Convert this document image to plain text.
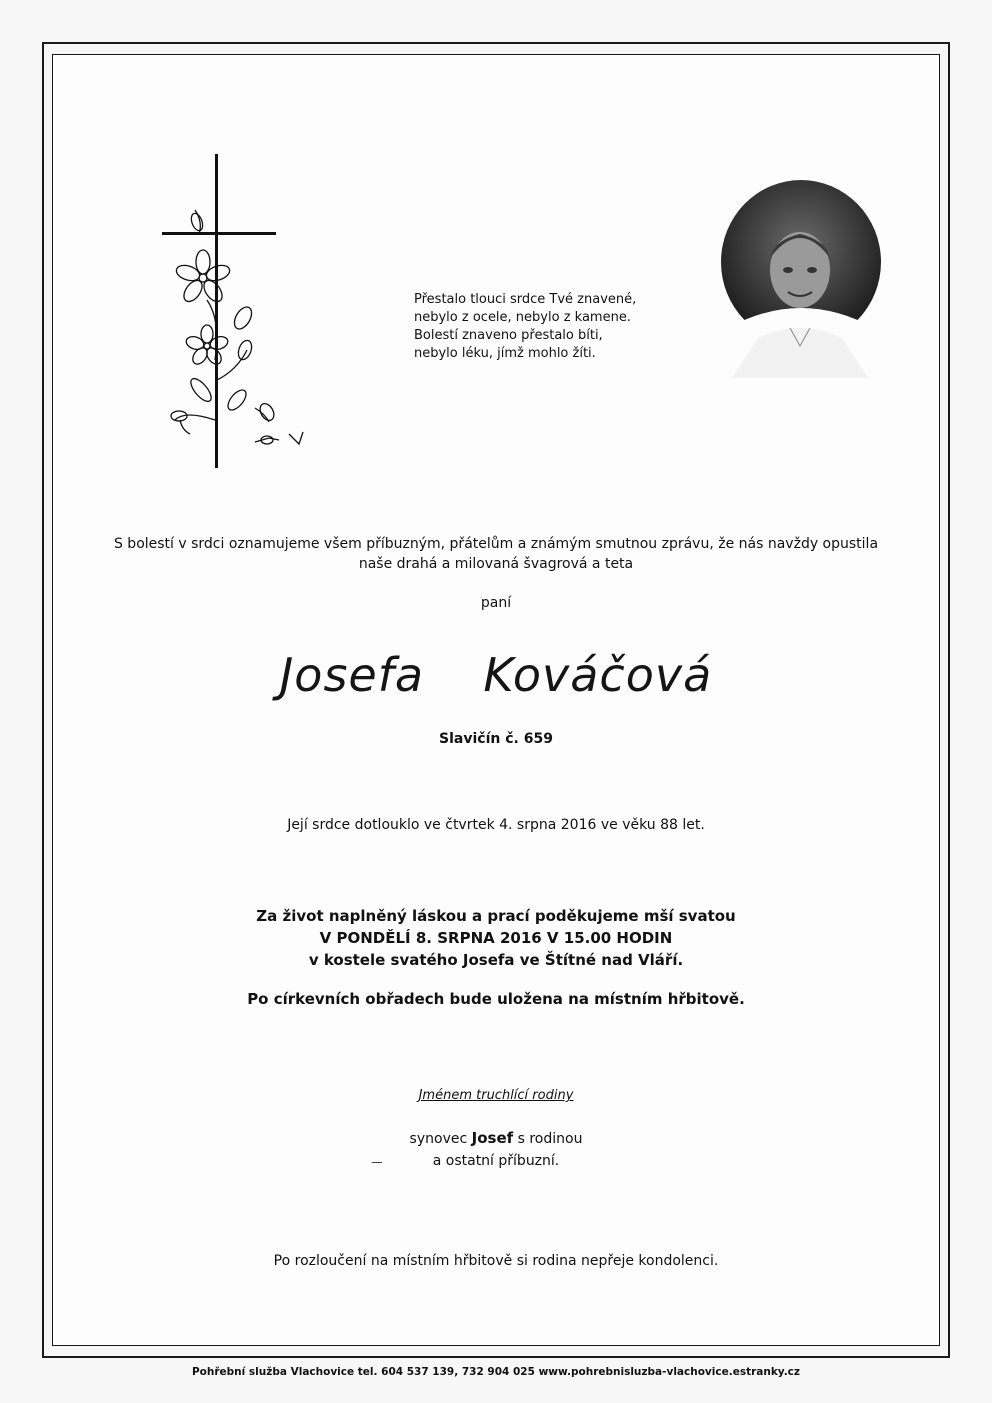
Přestalo tlouci srdce Tvé znavené,
nebylo z ocele, nebylo z kamene.
Bolestí znaveno přestalo bíti,
nebylo léku, jímž mohlo žíti.
S bolestí v srdci oznamujeme všem příbuzným, přátelům a známým smutnou zprávu, že nás navždy opustila
naše drahá a milovaná švagrová a teta
paní
Josefa  Kováčová
Slavičín č. 659
Její srdce dotlouklo ve čtvrtek 4. srpna 2016 ve věku 88 let.
Za život naplněný láskou a prací poděkujeme mší svatou
V PONDĚLÍ 8. SRPNA 2016 V 15.00 HODIN
v kostele svatého Josefa ve Štítné nad Vláří.
Po církevních obřadech bude uložena na místním hřbitově.
Jménem truchlící rodiny
synovec Josef s rodinou
a ostatní příbuzní.
Po rozloučení na místním hřbitově si rodina nepřeje kondolenci.
Pohřební služba Vlachovice tel. 604 537 139, 732 904 025 www.pohrebnisluzba-vlachovice.estranky.cz
